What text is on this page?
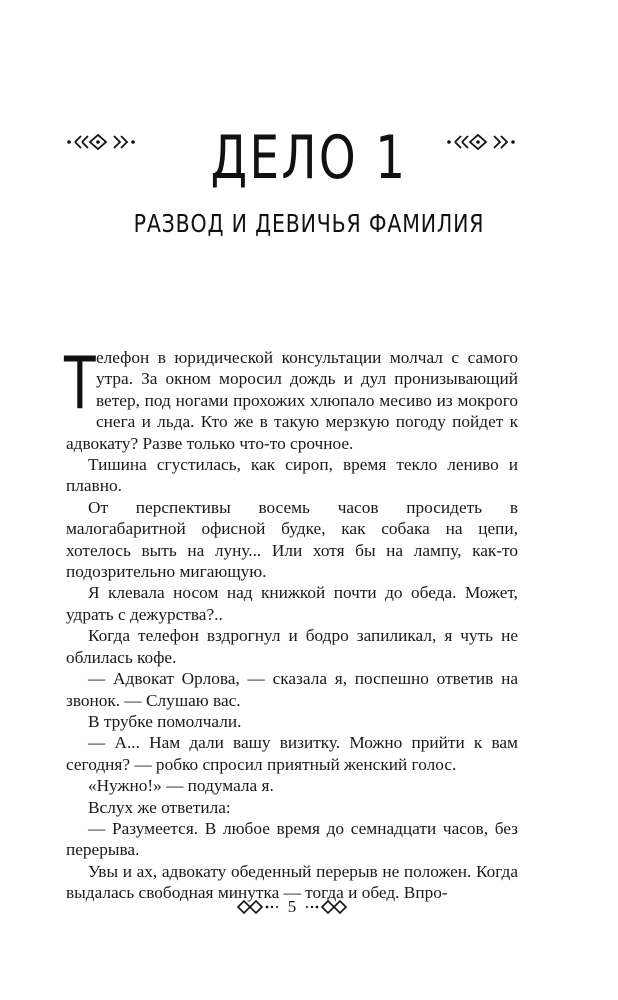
ДЕЛО 1
РАЗВОД И ДЕВИЧЬЯ ФАМИЛИЯ

Телефон в юридической консультации молчал с самого утра. За окном моросил дождь и дул пронизывающий ветер, под ногами прохожих хлюпало месиво из мокрого снега и льда. Кто же в такую мерзкую погоду пойдет к адвокату? Разве только что-то срочное.

Тишина сгустилась, как сироп, время текло лениво и плавно.

От перспективы восемь часов просидеть в малогабаритной офисной будке, как собака на цепи, хотелось выть на луну... Или хотя бы на лампу, как-то подозрительно мигающую.

Я клевала носом над книжкой почти до обеда. Может, удрать с дежурства?..

Когда телефон вздрогнул и бодро запиликал, я чуть не облилась кофе.

— Адвокат Орлова, — сказала я, поспешно ответив на звонок. — Слушаю вас.

В трубке помолчали.

— А... Нам дали вашу визитку. Можно прийти к вам сегодня? — робко спросил приятный женский голос.

«Нужно!» — подумала я.

Вслух же ответила:

— Разумеется. В любое время до семнадцати часов, без перерыва.

Увы и ах, адвокату обеденный перерыв не положен. Когда выдалась свободная минутка — тогда и обед. Впро-

5
